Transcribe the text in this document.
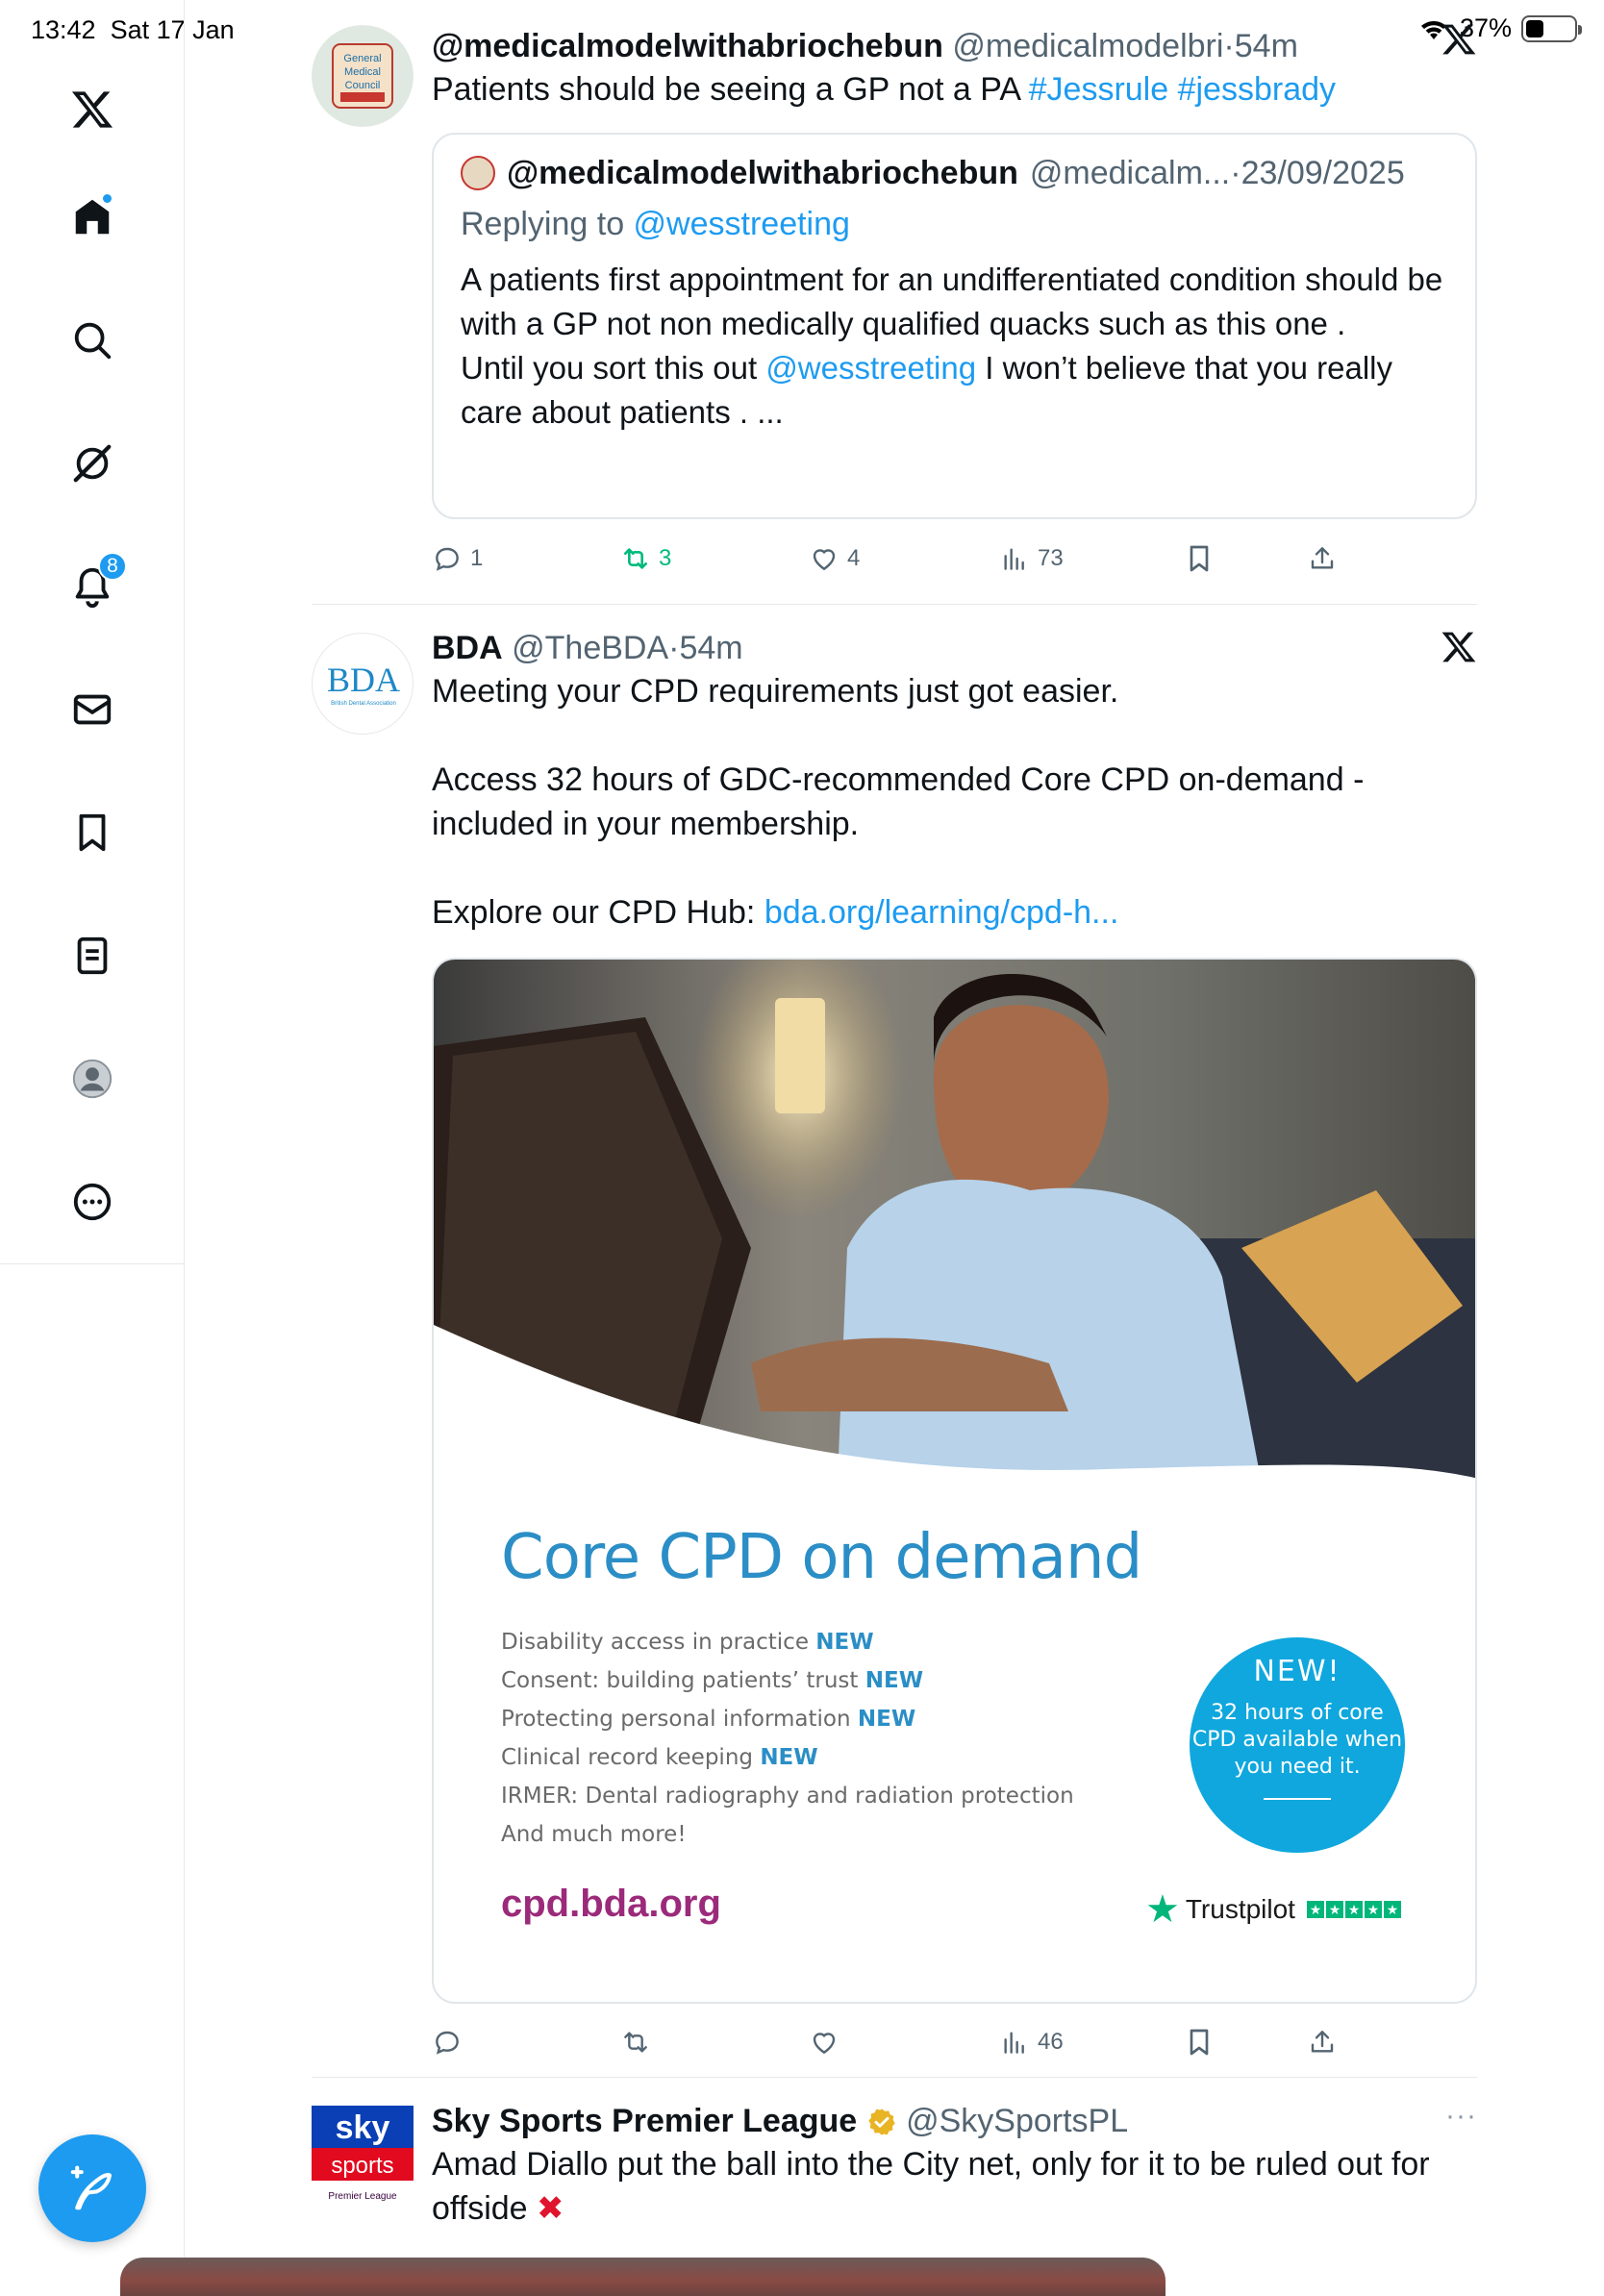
13:42 Sat 17 Jan	37%
8
General
Medical
Council
@medicalmodelwithabriochebun @medicalmodelbri·54m
Patients should be seeing a GP not a PA #Jessrule #jessbrady
@medicalmodelwithabriochebun @medicalm...·23/09/2025
Replying to @wesstreeting
A patients first appointment for an undifferentiated condition should be with a GP not non medically qualified quacks such as this one .
Until you sort this out @wesstreeting I won’t believe that you really care about patients . ...
1	3	4	73
BDA
British Dental Association
BDA @TheBDA·54m
Meeting your CPD requirements just got easier.
Access 32 hours of GDC-recommended Core CPD on-demand - included in your membership.
Explore our CPD Hub: bda.org/learning/cpd-h...
Core CPD on demand
Disability access in practice NEW
Consent: building patients’ trust NEW
Protecting personal information NEW
Clinical record keeping NEW
IRMER: Dental radiography and radiation protection
And much more!
cpd.bda.org
NEW!
32 hours of core CPD available when you need it.
★ Trustpilot ★ ★ ★ ★ ★
46
sky
sports
Premier League
Sky Sports Premier League @SkySportsPL
Amad Diallo put the ball into the City net, only for it to be ruled out for offside ✖
···
